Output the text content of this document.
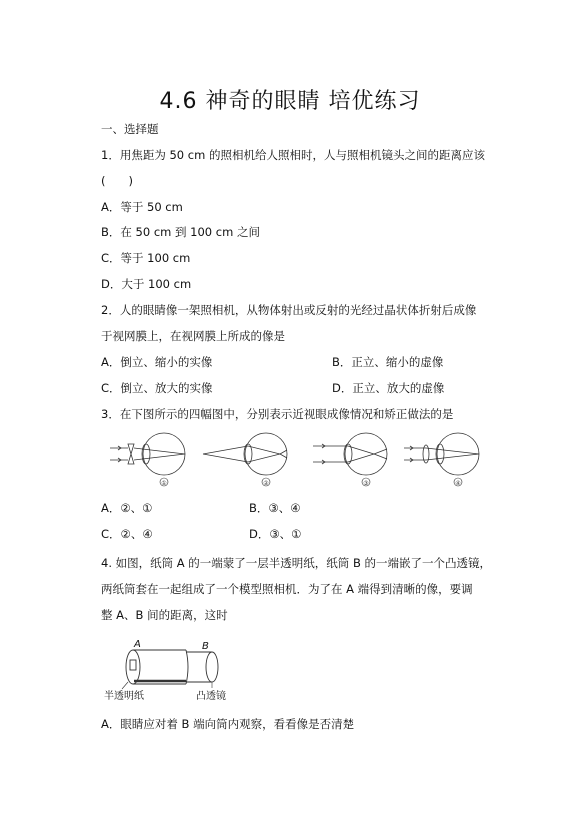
4.6 神奇的眼睛 培优练习
一、选择题
1．用焦距为 50 cm 的照相机给人照相时，人与照相机镜头之间的距离应该
(　　)
A．等于 50 cm
B．在 50 cm 到 100 cm 之间
C．等于 100 cm
D．大于 100 cm
2．人的眼睛像一架照相机，从物体射出或反射的光经过晶状体折射后成像
于视网膜上，在视网膜上所成的像是
A．倒立、缩小的实像	B．正立、缩小的虚像
C．倒立、放大的实像	D．正立、放大的虚像
3．在下图所示的四幅图中，分别表示近视眼成像情况和矫正做法的是
①	②	③	④
A．②、①	B．③、④
C．②、④	D．③、①
4. 如图，纸筒 A 的一端蒙了一层半透明纸，纸筒 B 的一端嵌了一个凸透镜，
两纸筒套在一起组成了一个模型照相机．为了在 A 端得到清晰的像，要调
整 A、B 间的距离，这时
A	B
半透明纸	凸透镜
A．眼睛应对着 B 端向筒内观察，看看像是否清楚
